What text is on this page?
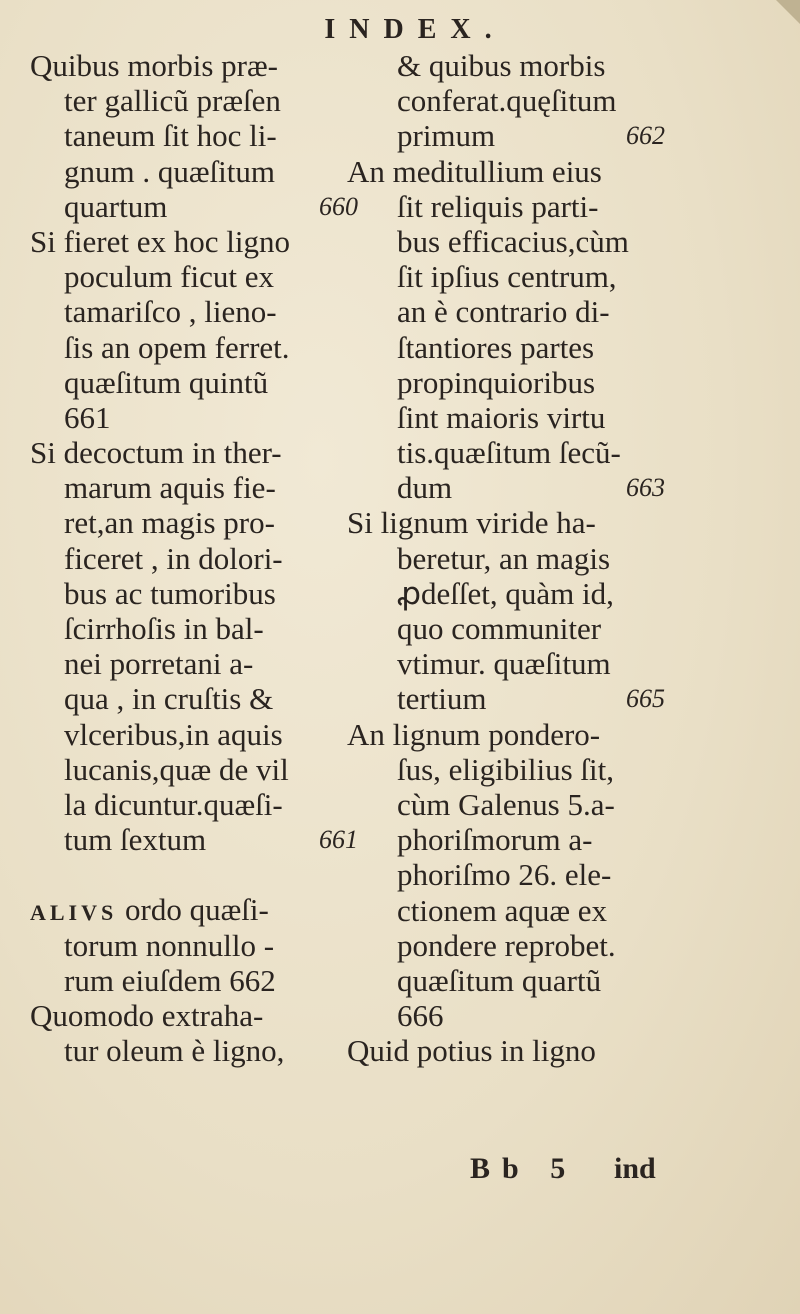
INDEX.
Quibus morbis præ-
ter gallicũ præſen
taneum ſit hoc li-
gnum . quæſitum
quartum	660
Si fieret ex hoc ligno
poculum ficut ex
tamariſco , lieno-
ſis an opem ferret.
quæſitum quintũ
661
Si decoctum in ther-
marum aquis fie-
ret,an magis pro-
ficeret , in dolori-
bus ac tumoribus
ſcirrhoſis in bal-
nei porretani a-
qua , in cruſtis &
vlceribus,in aquis
lucanis,quæ de vil
la dicuntur.quæſi-
tum ſextum	661
ALIVS ordo quæſi-
torum nonnullo -
rum eiuſdem 662
Quomodo extraha-
tur oleum è ligno,
& quibus morbis
conferat.quęſitum
primum	662
An meditullium eius
ſit reliquis parti-
bus efficacius,cùm
ſit ipſius centrum,
an è contrario di-
ſtantiores partes
propinquioribus
ſint maioris virtu
tis.quæſitum ſecũ-
dum	663
Si lignum viride ha-
beretur, an magis
ꝓdeſſet, quàm id,
quo communiter
vtimur. quæſitum
tertium	665
An lignum pondero-
ſus, eligibilius ſit,
cùm Galenus 5.a-
phoriſmorum a-
phoriſmo 26. ele-
ctionem aquæ ex
pondere reprobet.
quæſitum quartũ
666
Quid potius in ligno
Bb 5 ind
